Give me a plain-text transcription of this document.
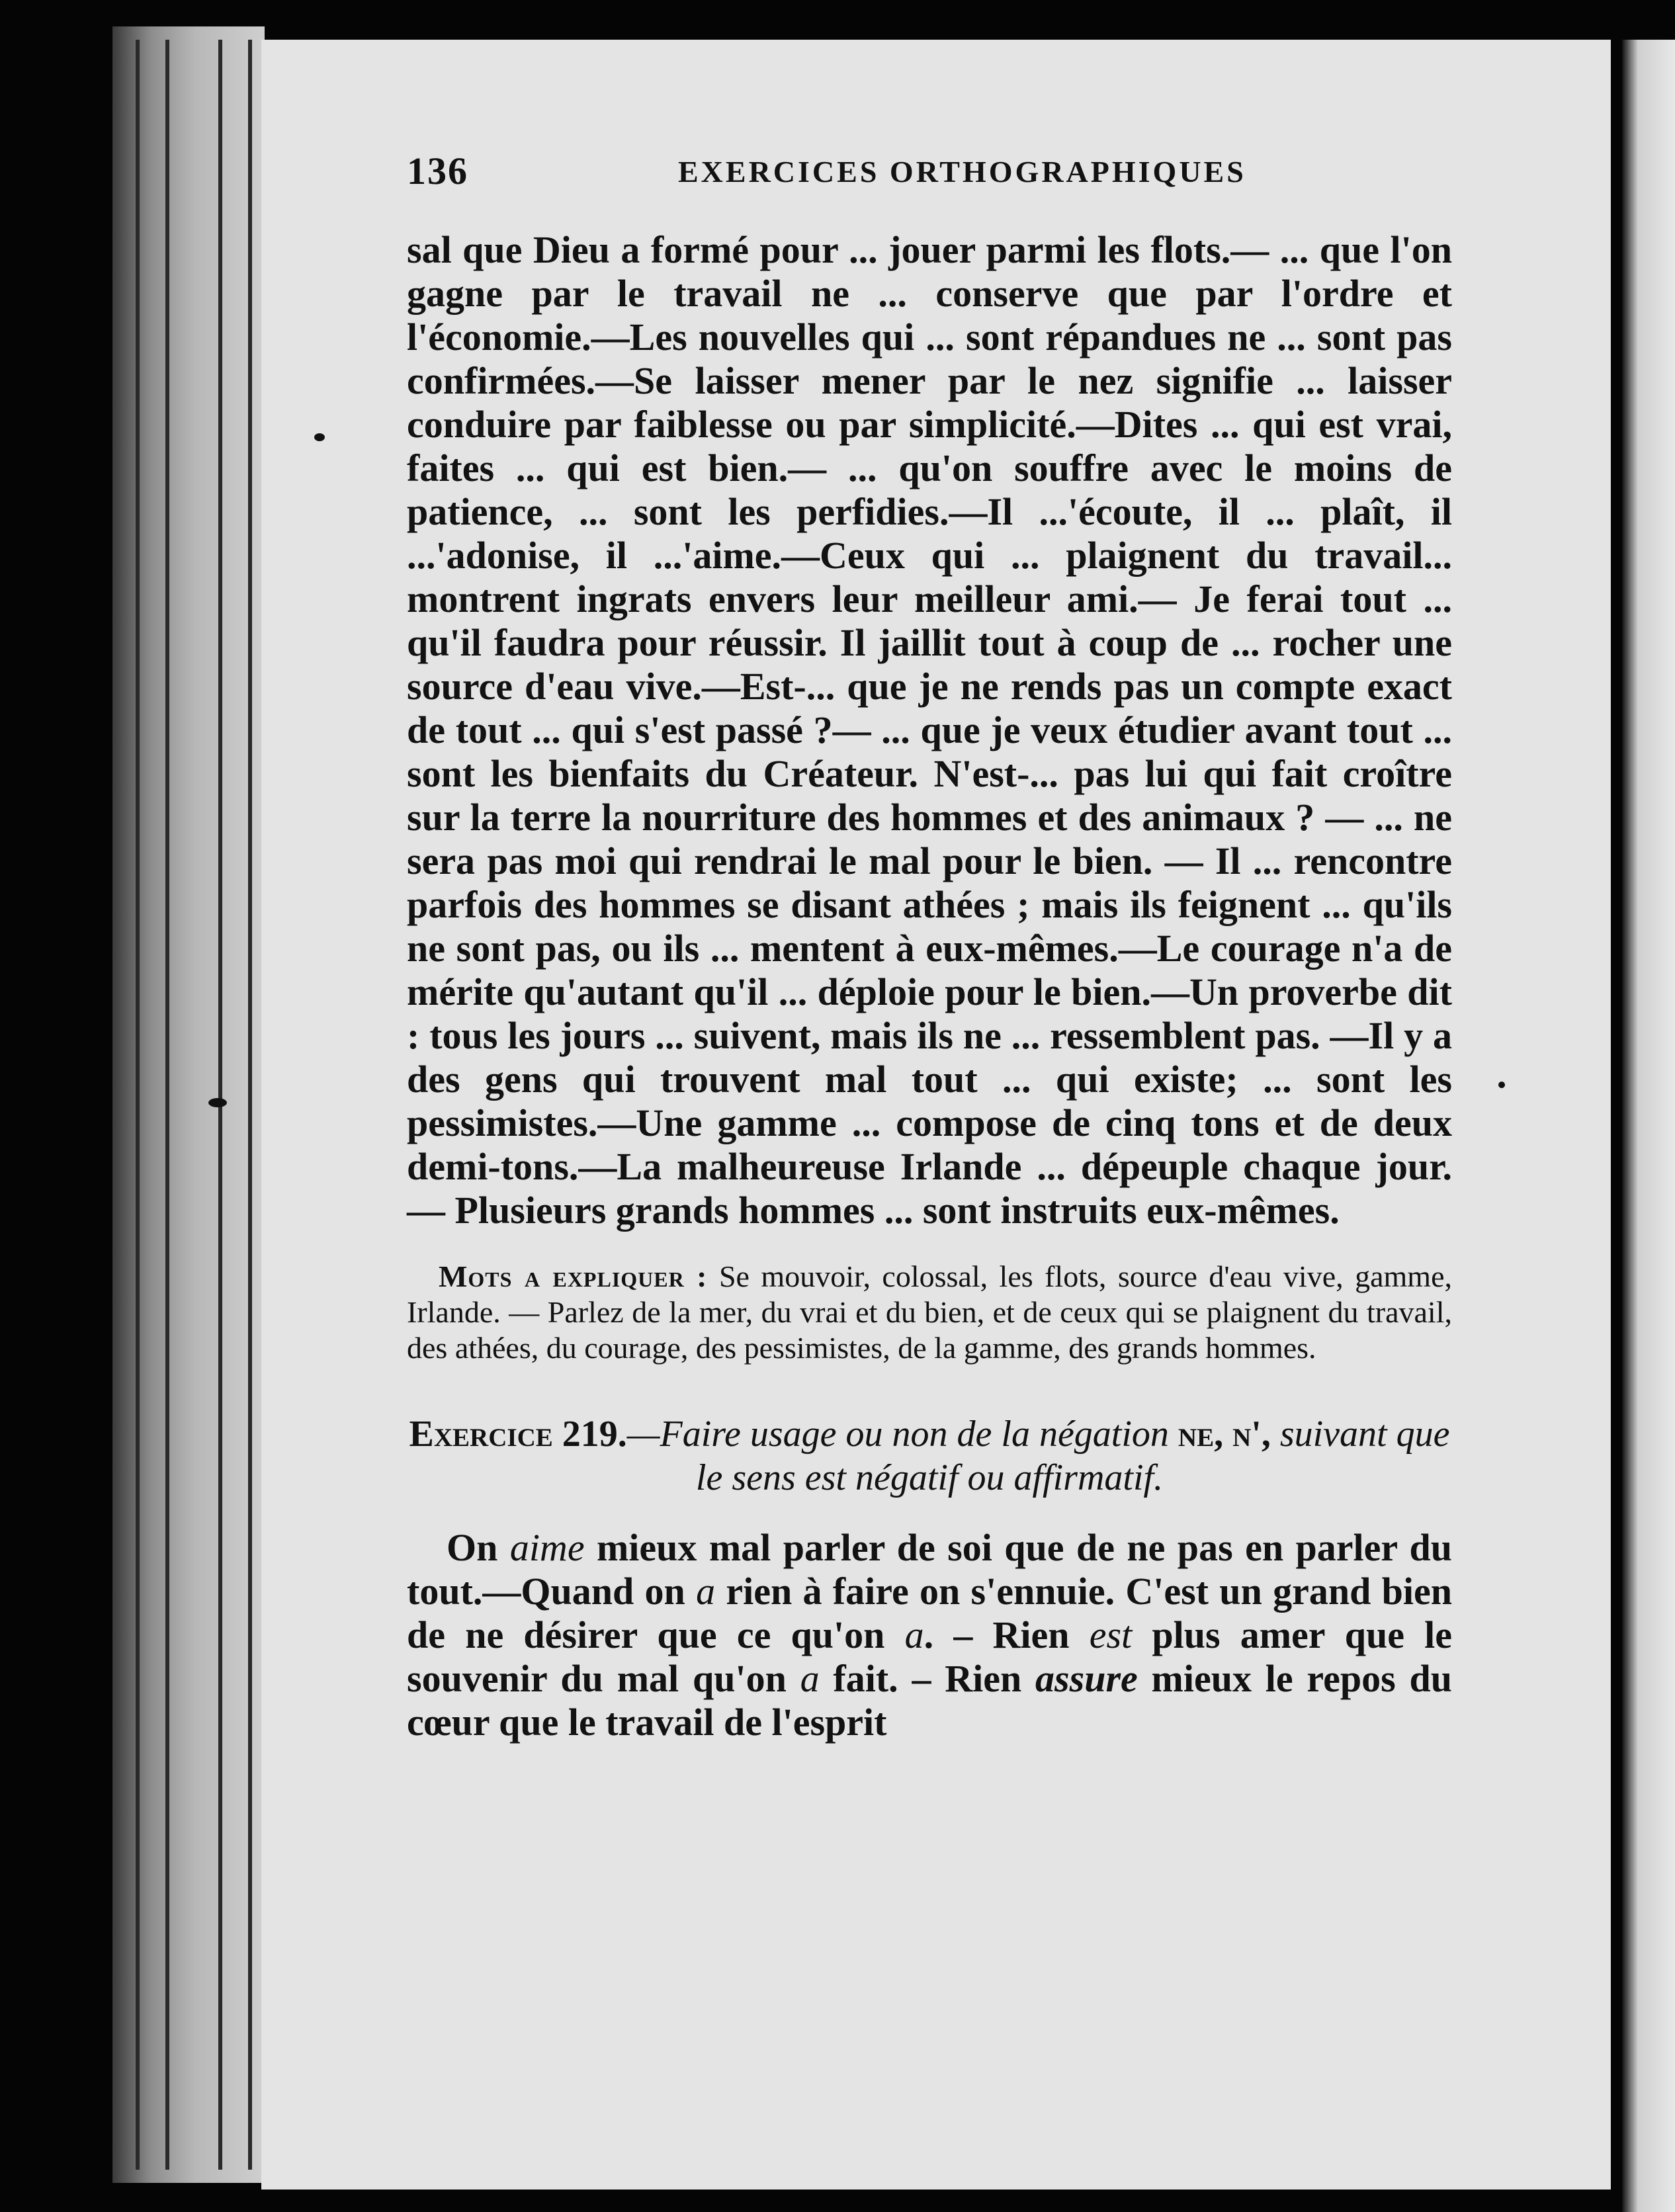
136	EXERCICES ORTHOGRAPHIQUES

sal que Dieu a formé pour ... jouer parmi les flots.— ... que l'on gagne par le travail ne ... conserve que par l'ordre et l'économie.—Les nouvelles qui ... sont répandues ne ... sont pas confirmées.—Se laisser mener par le nez signifie ... laisser conduire par faiblesse ou par simplicité.—Dites ... qui est vrai, faites ... qui est bien.— ... qu'on souffre avec le moins de patience, ... sont les perfidies.—Il ...'écoute, il ... plaît, il ...'adonise, il ...'aime.—Ceux qui ... plaignent du travail... montrent ingrats envers leur meilleur ami.— Je ferai tout ... qu'il faudra pour réussir. Il jaillit tout à coup de ... rocher une source d'eau vive.—Est-... que je ne rends pas un compte exact de tout ... qui s'est passé ?— ... que je veux étudier avant tout ... sont les bienfaits du Créateur. N'est-... pas lui qui fait croître sur la terre la nourriture des hommes et des animaux ? — ... ne sera pas moi qui rendrai le mal pour le bien. — Il ... rencontre parfois des hommes se disant athées ; mais ils feignent ... qu'ils ne sont pas, ou ils ... mentent à eux-mêmes.—Le courage n'a de mérite qu'autant qu'il ... déploie pour le bien.—Un proverbe dit : tous les jours ... suivent, mais ils ne ... ressemblent pas. —Il y a des gens qui trouvent mal tout ... qui existe; ... sont les pessimistes.—Une gamme ... compose de cinq tons et de deux demi-tons.—La malheureuse Irlande ... dépeuple chaque jour. — Plusieurs grands hommes ... sont instruits eux-mêmes.

Mots a expliquer : Se mouvoir, colossal, les flots, source d'eau vive, gamme, Irlande. — Parlez de la mer, du vrai et du bien, et de ceux qui se plaignent du travail, des athées, du courage, des pessimistes, de la gamme, des grands hommes.

Exercice 219.—Faire usage ou non de la négation ne, n', suivant que le sens est négatif ou affirmatif.

On aime mieux mal parler de soi que de ne pas en parler du tout.—Quand on a rien à faire on s'ennuie. C'est un grand bien de ne désirer que ce qu'on a. – Rien est plus amer que le souvenir du mal qu'on a fait. – Rien assure mieux le repos du cœur que le travail de l'esprit
